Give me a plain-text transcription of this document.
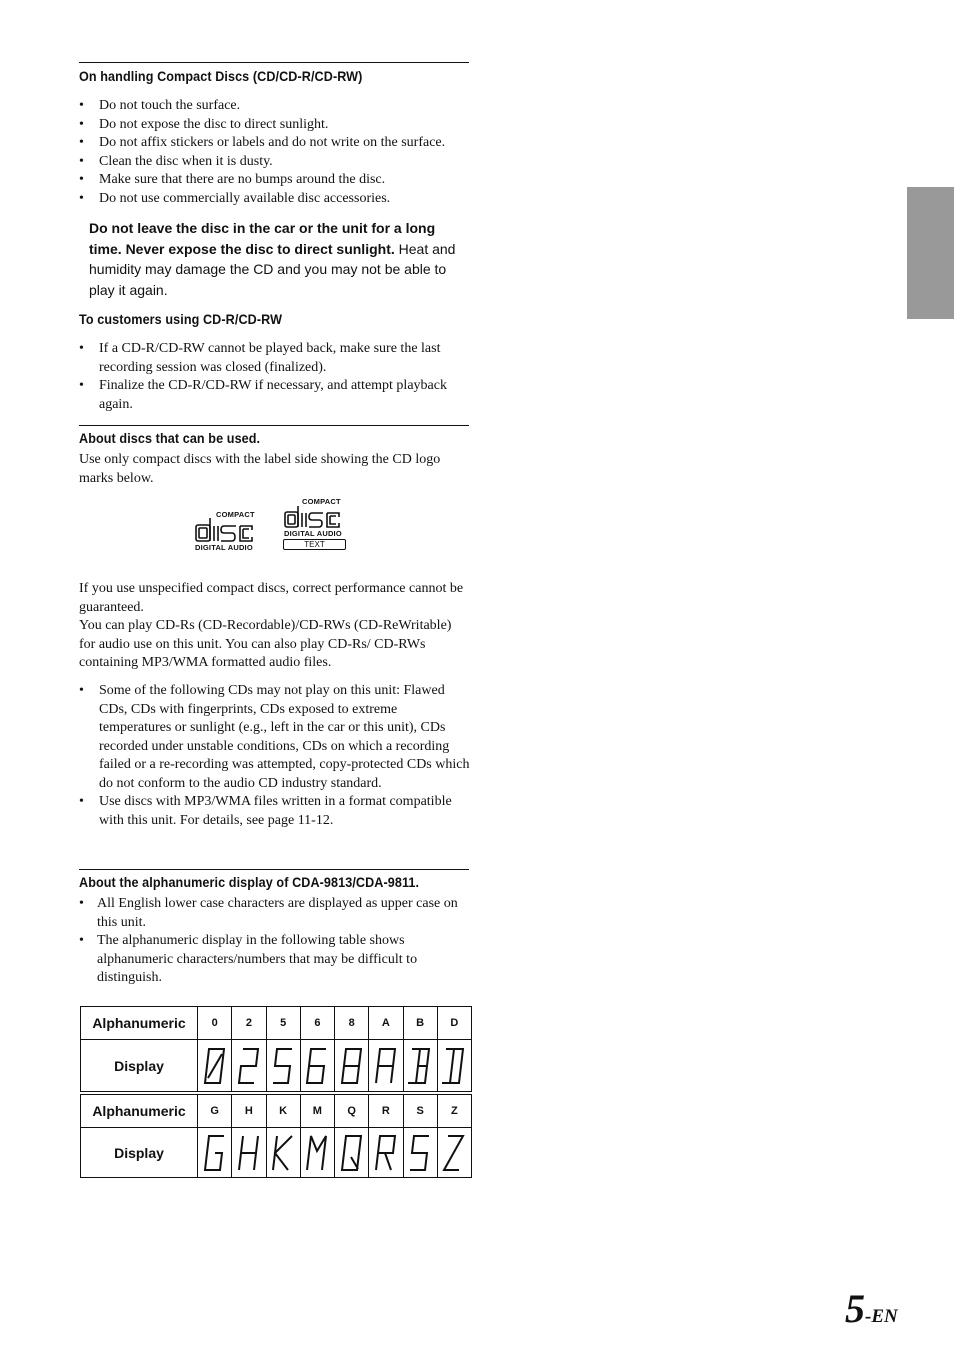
On handling Compact Discs (CD/CD-R/CD-RW)
• Do not touch the surface.
• Do not expose the disc to direct sunlight.
• Do not affix stickers or labels and do not write on the surface.
• Clean the disc when it is dusty.
• Make sure that there are no bumps around the disc.
• Do not use commercially available disc accessories.

Do not leave the disc in the car or the unit for a long time. Never expose the disc to direct sunlight. Heat and humidity may damage the CD and you may not be able to play it again.

To customers using CD-R/CD-RW
• If a CD-R/CD-RW cannot be played back, make sure the last recording session was closed (finalized).
• Finalize the CD-R/CD-RW if necessary, and attempt playback again.
About discs that can be used.

Use only compact discs with the label side showing the CD logo marks below.

COMPACT
DIGITAL AUDIO
COMPACT
DIGITAL AUDIO
TEXT

If you use unspecified compact discs, correct performance cannot be guaranteed.

You can play CD-Rs (CD-Recordable)/CD-RWs (CD-ReWritable) for audio use on this unit. You can also play CD-Rs/ CD-RWs containing MP3/WMA formatted audio files.

• Some of the following CDs may not play on this unit: Flawed CDs, CDs with fingerprints, CDs exposed to extreme temperatures or sunlight (e.g., left in the car or this unit), CDs recorded under unstable conditions, CDs on which a recording failed or a re-recording was attempted, copy-protected CDs which do not conform to the audio CD industry standard.
• Use discs with MP3/WMA files written in a format compatible with this unit. For details, see page 11-12.
About the alphanumeric display of CDA-9813/CDA-9811.
• All English lower case characters are displayed as upper case on this unit.
• The alphanumeric display in the following table shows alphanumeric characters/numbers that may be difficult to distinguish.
Alphanumeric	0	2	5	6	8	A	B	D
Display	

Alphanumeric	G	H	K	M	Q	R	S	Z
Display	

5-EN
